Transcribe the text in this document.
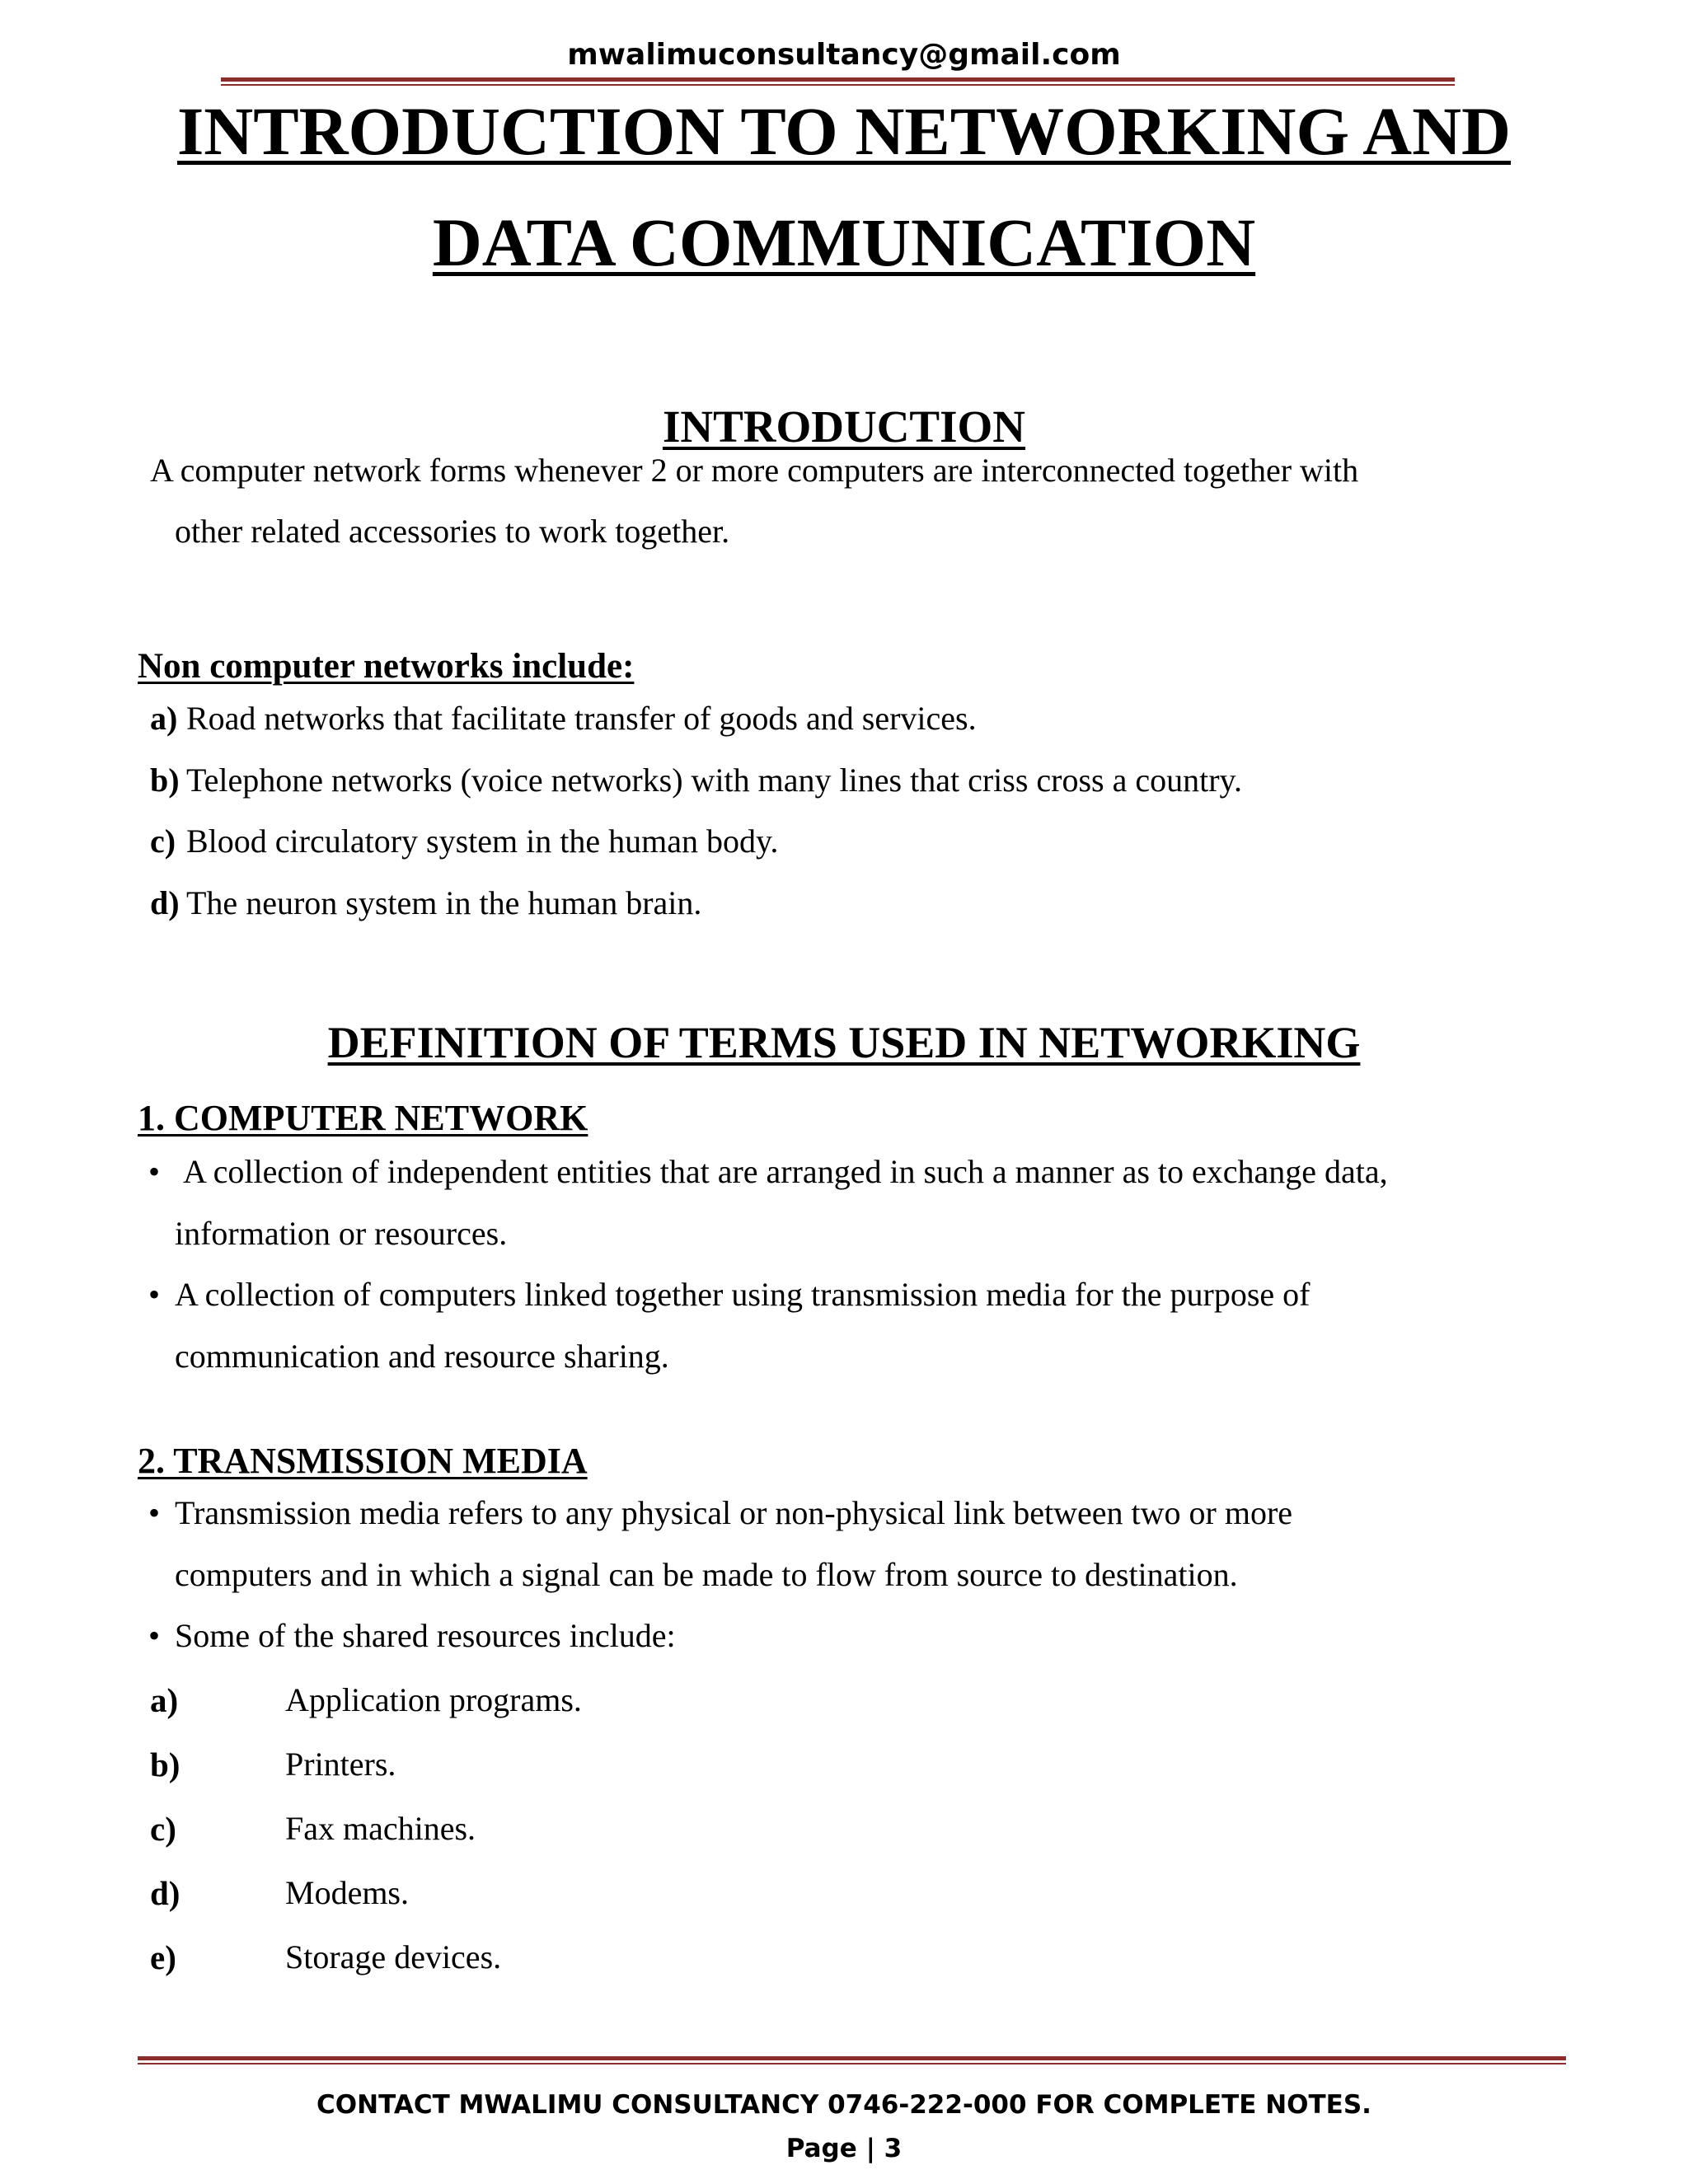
mwalimuconsultancy@gmail.com
INTRODUCTION TO NETWORKING AND
DATA COMMUNICATION
INTRODUCTION
A computer network forms whenever 2 or more computers are interconnected together with
other related accessories to work together.
Non computer networks include:
a) Road networks that facilitate transfer of goods and services.
b) Telephone networks (voice networks) with many lines that criss cross a country.
c) Blood circulatory system in the human body.
d) The neuron system in the human brain.
DEFINITION OF TERMS USED IN NETWORKING
1. COMPUTER NETWORK
• A collection of independent entities that are arranged in such a manner as to exchange data,
information or resources.
• A collection of computers linked together using transmission media for the purpose of
communication and resource sharing.
2. TRANSMISSION MEDIA
• Transmission media refers to any physical or non-physical link between two or more
computers and in which a signal can be made to flow from source to destination.
• Some of the shared resources include:
a)	Application programs.
b)	Printers.
c)	Fax machines.
d)	Modems.
e)	Storage devices.
CONTACT MWALIMU CONSULTANCY 0746-222-000 FOR COMPLETE NOTES.
Page | 3
